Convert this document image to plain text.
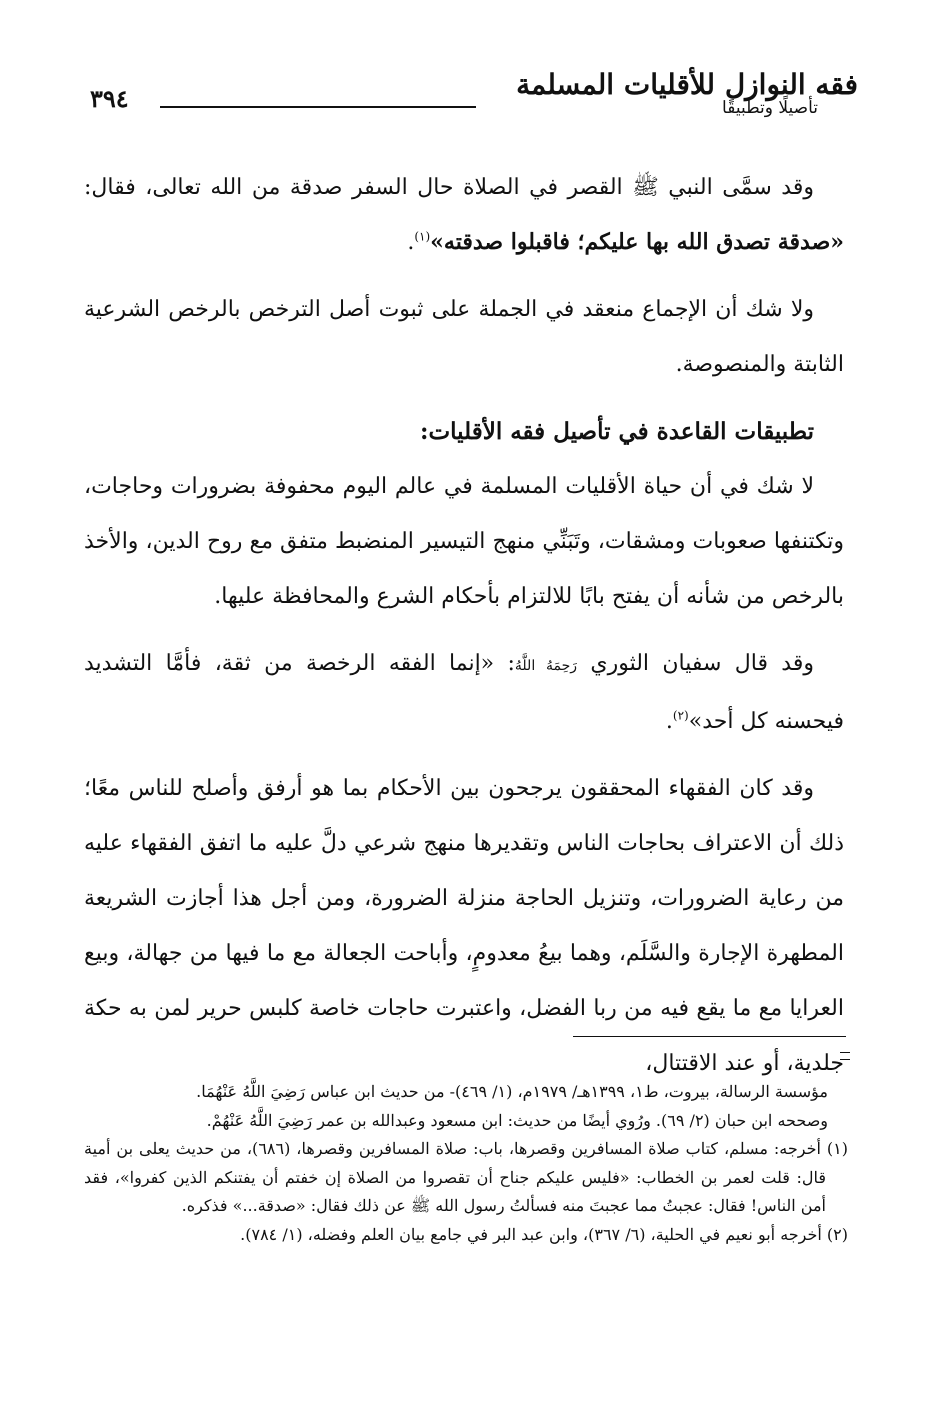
فقه النوازل للأقليات المسلمة
تأصيلًا وتطبيقًا
٣٩٤

وقد سمَّى النبي ﷺ القصر في الصلاة حال السفر صدقة من الله تعالى، فقال: «صدقة تصدق الله بها عليكم؛ فاقبلوا صدقته»$^{(١)}$.

ولا شك أن الإجماع منعقد في الجملة على ثبوت أصل الترخص بالرخص الشرعية الثابتة والمنصوصة.

تطبيقات القاعدة في تأصيل فقه الأقليات:

لا شك في أن حياة الأقليات المسلمة في عالم اليوم محفوفة بضرورات وحاجات، وتكتنفها صعوبات ومشقات، وتَبَنِّي منهج التيسير المنضبط متفق مع روح الدين، والأخذ بالرخص من شأنه أن يفتح بابًا للالتزام بأحكام الشرع والمحافظة عليها.

وقد قال سفيان الثوري رَحِمَهُ اللَّهُ: «إنما الفقه الرخصة من ثقة، فأمَّا التشديد فيحسنه كل أحد»$^{(٢)}$.

وقد كان الفقهاء المحققون يرجحون بين الأحكام بما هو أرفق وأصلح للناس معًا؛ ذلك أن الاعتراف بحاجات الناس وتقديرها منهج شرعي دلَّ عليه ما اتفق الفقهاء عليه من رعاية الضرورات، وتنزيل الحاجة منزلة الضرورة، ومن أجل هذا أجازت الشريعة المطهرة الإجارة والسَّلَم، وهما بيعُ معدومٍ، وأباحت الجعالة مع ما فيها من جهالة، وبيع العرايا مع ما يقع فيه من ربا الفضل، واعتبرت حاجات خاصة كلبس حرير لمن به حكة جلدية، أو عند الاقتتال،

مؤسسة الرسالة، بيروت، ط١، ١٣٩٩هـ/ ١٩٧٩م، (١/ ٤٦٩)- من حديث ابن عباس رَضِيَ اللَّهُ عَنْهُمَا.

وصححه ابن حبان (٢/ ٦٩). ورُوي أيضًا من حديث: ابن مسعود وعبدالله بن عمر رَضِيَ اللَّهُ عَنْهُمْ.

(١) أخرجه: مسلم، كتاب صلاة المسافرين وقصرها، باب: صلاة المسافرين وقصرها، (٦٨٦)، من حديث يعلى بن أمية قال: قلت لعمر بن الخطاب: «فليس عليكم جناح أن تقصروا من الصلاة إن خفتم أن يفتنكم الذين كفروا»، فقد أمن الناس! فقال: عجبتُ مما عجبتَ منه فسألتُ رسول الله ﷺ عن ذلك فقال: «صدقة...» فذكره.

(٢) أخرجه أبو نعيم في الحلية، (٦/ ٣٦٧)، وابن عبد البر في جامع بيان العلم وفضله، (١/ ٧٨٤).
